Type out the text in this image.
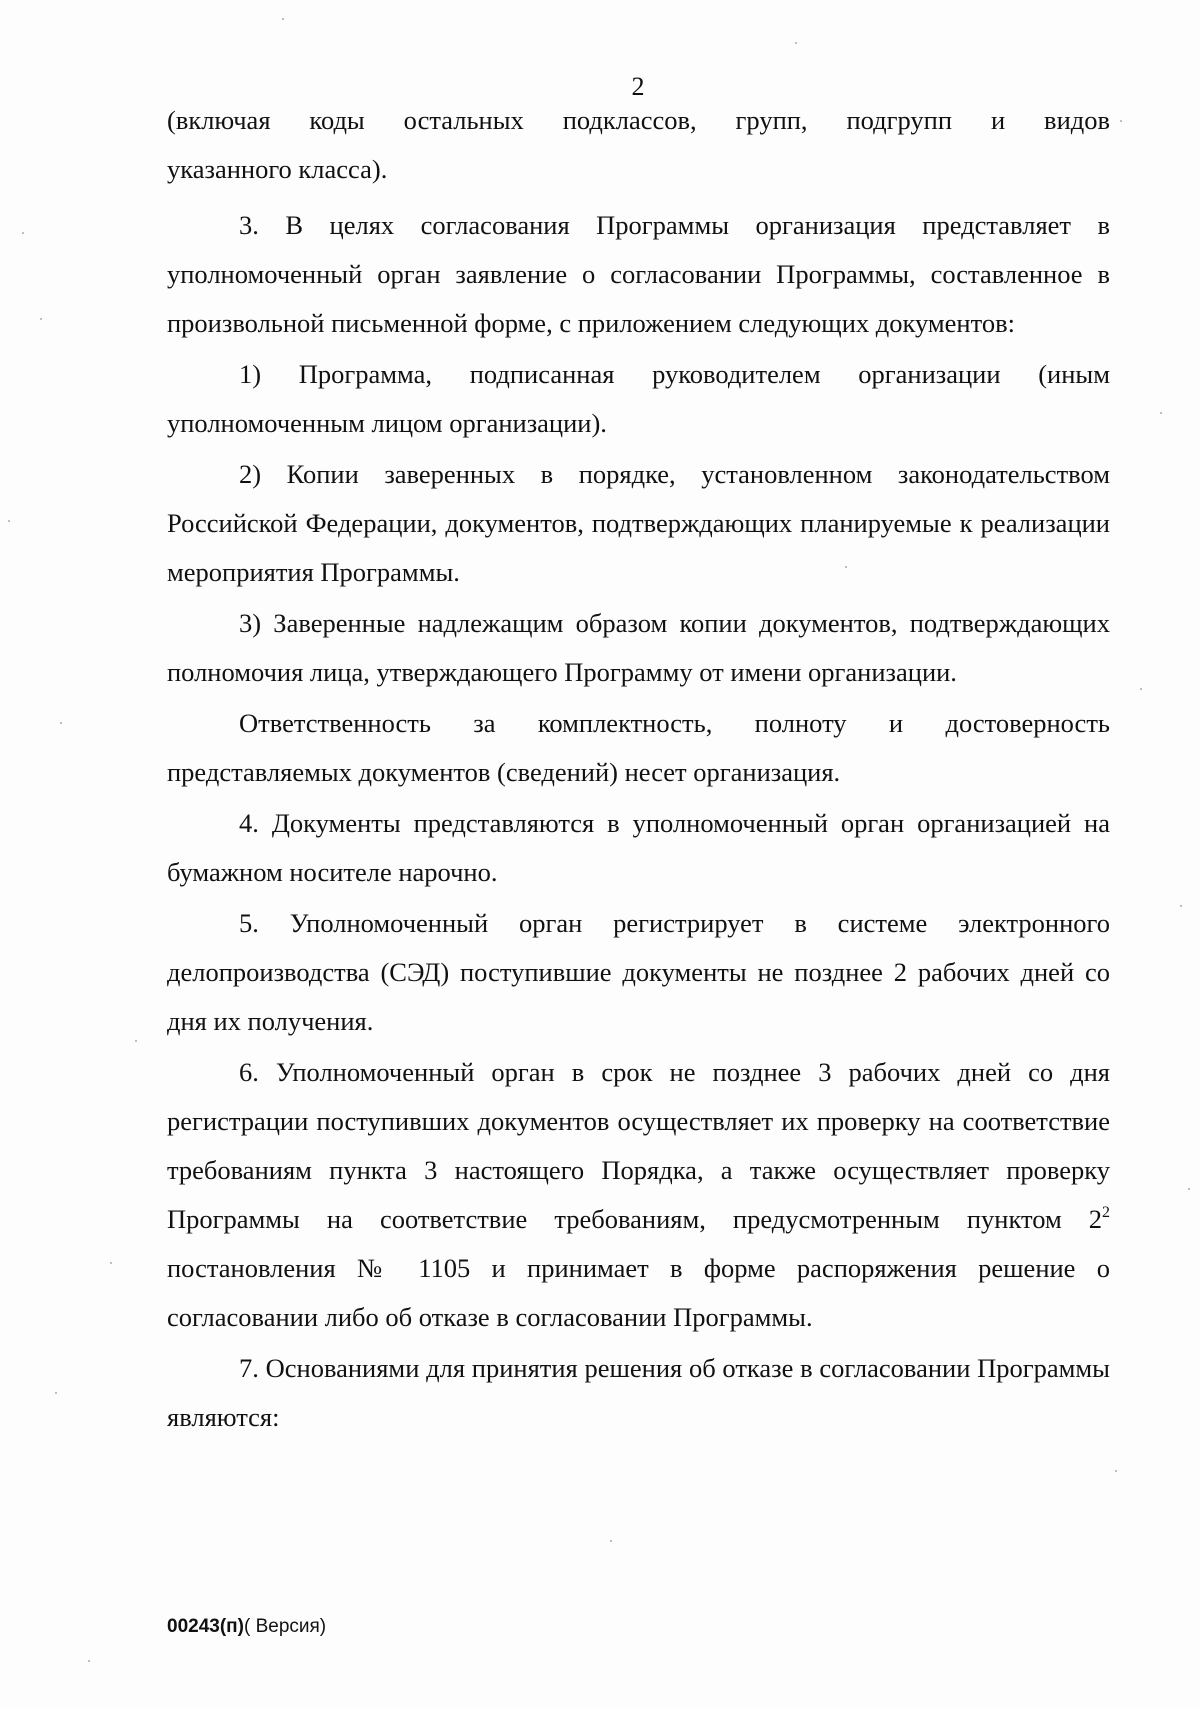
2

(включая коды остальных подклассов, групп, подгрупп и видов

указанного класса).

3. В целях согласования Программы организация представляет в уполномоченный орган заявление о согласовании Программы, составленное в произвольной письменной форме, с приложением следующих документов:

1) Программа, подписанная руководителем организации (иным уполномоченным лицом организации).

2) Копии заверенных в порядке, установленном законодательством Российской Федерации, документов, подтверждающих планируемые к реализации мероприятия Программы.

3) Заверенные надлежащим образом копии документов, подтверждающих полномочия лица, утверждающего Программу от имени организации.

Ответственность за комплектность, полноту и достоверность представляемых документов (сведений) несет организация.

4. Документы представляются в уполномоченный орган организацией на бумажном носителе нарочно.

5. Уполномоченный орган регистрирует в системе электронного делопроизводства (СЭД) поступившие документы не позднее 2 рабочих дней со дня их получения.

6. Уполномоченный орган в срок не позднее 3 рабочих дней со дня регистрации поступивших документов осуществляет их проверку на соответствие требованиям пункта 3 настоящего Порядка, а также осуществляет проверку Программы на соответствие требованиям, предусмотренным пунктом $2^2$ постановления № 1105 и принимает в форме распоряжения решение о согласовании либо об отказе в согласовании Программы.

7. Основаниями для принятия решения об отказе в согласовании Программы являются:

00243(п)( Версия)
